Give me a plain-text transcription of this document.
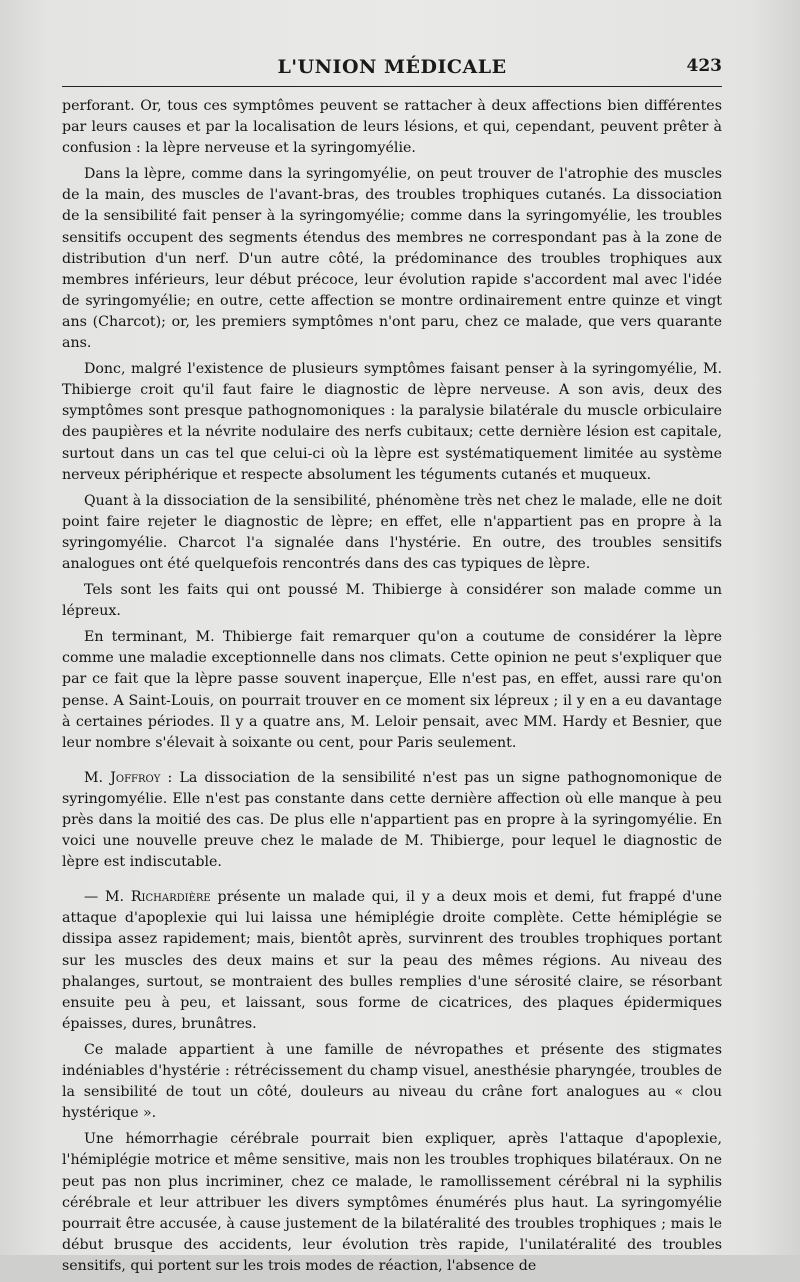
L'UNION MÉDICALE	423

perforant. Or, tous ces symptômes peuvent se rattacher à deux affections bien différentes par leurs causes et par la localisation de leurs lésions, et qui, cependant, peuvent prêter à confusion : la lèpre nerveuse et la syringomyélie.

Dans la lèpre, comme dans la syringomyélie, on peut trouver de l'atrophie des muscles de la main, des muscles de l'avant-bras, des troubles trophiques cutanés. La dissociation de la sensibilité fait penser à la syringomyélie; comme dans la syringomyélie, les troubles sensitifs occupent des segments étendus des membres ne correspondant pas à la zone de distribution d'un nerf. D'un autre côté, la prédominance des troubles trophiques aux membres inférieurs, leur début précoce, leur évolution rapide s'accordent mal avec l'idée de syringomyélie; en outre, cette affection se montre ordinairement entre quinze et vingt ans (Charcot); or, les premiers symptômes n'ont paru, chez ce malade, que vers quarante ans.

Donc, malgré l'existence de plusieurs symptômes faisant penser à la syringomyélie, M. Thibierge croit qu'il faut faire le diagnostic de lèpre nerveuse. A son avis, deux des symptômes sont presque pathognomoniques : la paralysie bilatérale du muscle orbiculaire des paupières et la névrite nodulaire des nerfs cubitaux; cette dernière lésion est capitale, surtout dans un cas tel que celui-ci où la lèpre est systématiquement limitée au système nerveux périphérique et respecte absolument les téguments cutanés et muqueux.

Quant à la dissociation de la sensibilité, phénomène très net chez le malade, elle ne doit point faire rejeter le diagnostic de lèpre; en effet, elle n'appartient pas en propre à la syringomyélie. Charcot l'a signalée dans l'hystérie. En outre, des troubles sensitifs analogues ont été quelquefois rencontrés dans des cas typiques de lèpre.

Tels sont les faits qui ont poussé M. Thibierge à considérer son malade comme un lépreux.

En terminant, M. Thibierge fait remarquer qu'on a coutume de considérer la lèpre comme une maladie exceptionnelle dans nos climats. Cette opinion ne peut s'expliquer que par ce fait que la lèpre passe souvent inaperçue, Elle n'est pas, en effet, aussi rare qu'on pense. A Saint-Louis, on pourrait trouver en ce moment six lépreux ; il y en a eu davantage à certaines périodes. Il y a quatre ans, M. Leloir pensait, avec MM. Hardy et Besnier, que leur nombre s'élevait à soixante ou cent, pour Paris seulement.

M. Joffroy : La dissociation de la sensibilité n'est pas un signe pathognomonique de syringomyélie. Elle n'est pas constante dans cette dernière affection où elle manque à peu près dans la moitié des cas. De plus elle n'appartient pas en propre à la syringomyélie. En voici une nouvelle preuve chez le malade de M. Thibierge, pour lequel le diagnostic de lèpre est indiscutable.

— M. Richardière présente un malade qui, il y a deux mois et demi, fut frappé d'une attaque d'apoplexie qui lui laissa une hémiplégie droite complète. Cette hémiplégie se dissipa assez rapidement; mais, bientôt après, survinrent des troubles trophiques portant sur les muscles des deux mains et sur la peau des mêmes régions. Au niveau des phalanges, surtout, se montraient des bulles remplies d'une sérosité claire, se résorbant ensuite peu à peu, et laissant, sous forme de cicatrices, des plaques épidermiques épaisses, dures, brunâtres.

Ce malade appartient à une famille de névropathes et présente des stigmates indéniables d'hystérie : rétrécissement du champ visuel, anesthésie pharyngée, troubles de la sensibilité de tout un côté, douleurs au niveau du crâne fort analogues au « clou hystérique ».

Une hémorrhagie cérébrale pourrait bien expliquer, après l'attaque d'apoplexie, l'hémiplégie motrice et même sensitive, mais non les troubles trophiques bilatéraux. On ne peut pas non plus incriminer, chez ce malade, le ramollissement cérébral ni la syphilis cérébrale et leur attribuer les divers symptômes énumérés plus haut. La syringomyélie pourrait être accusée, à cause justement de la bilatéralité des troubles trophiques ; mais le début brusque des accidents, leur évolution très rapide, l'unilatéralité des troubles sensitifs, qui portent sur les trois modes de réaction, l'absence de
